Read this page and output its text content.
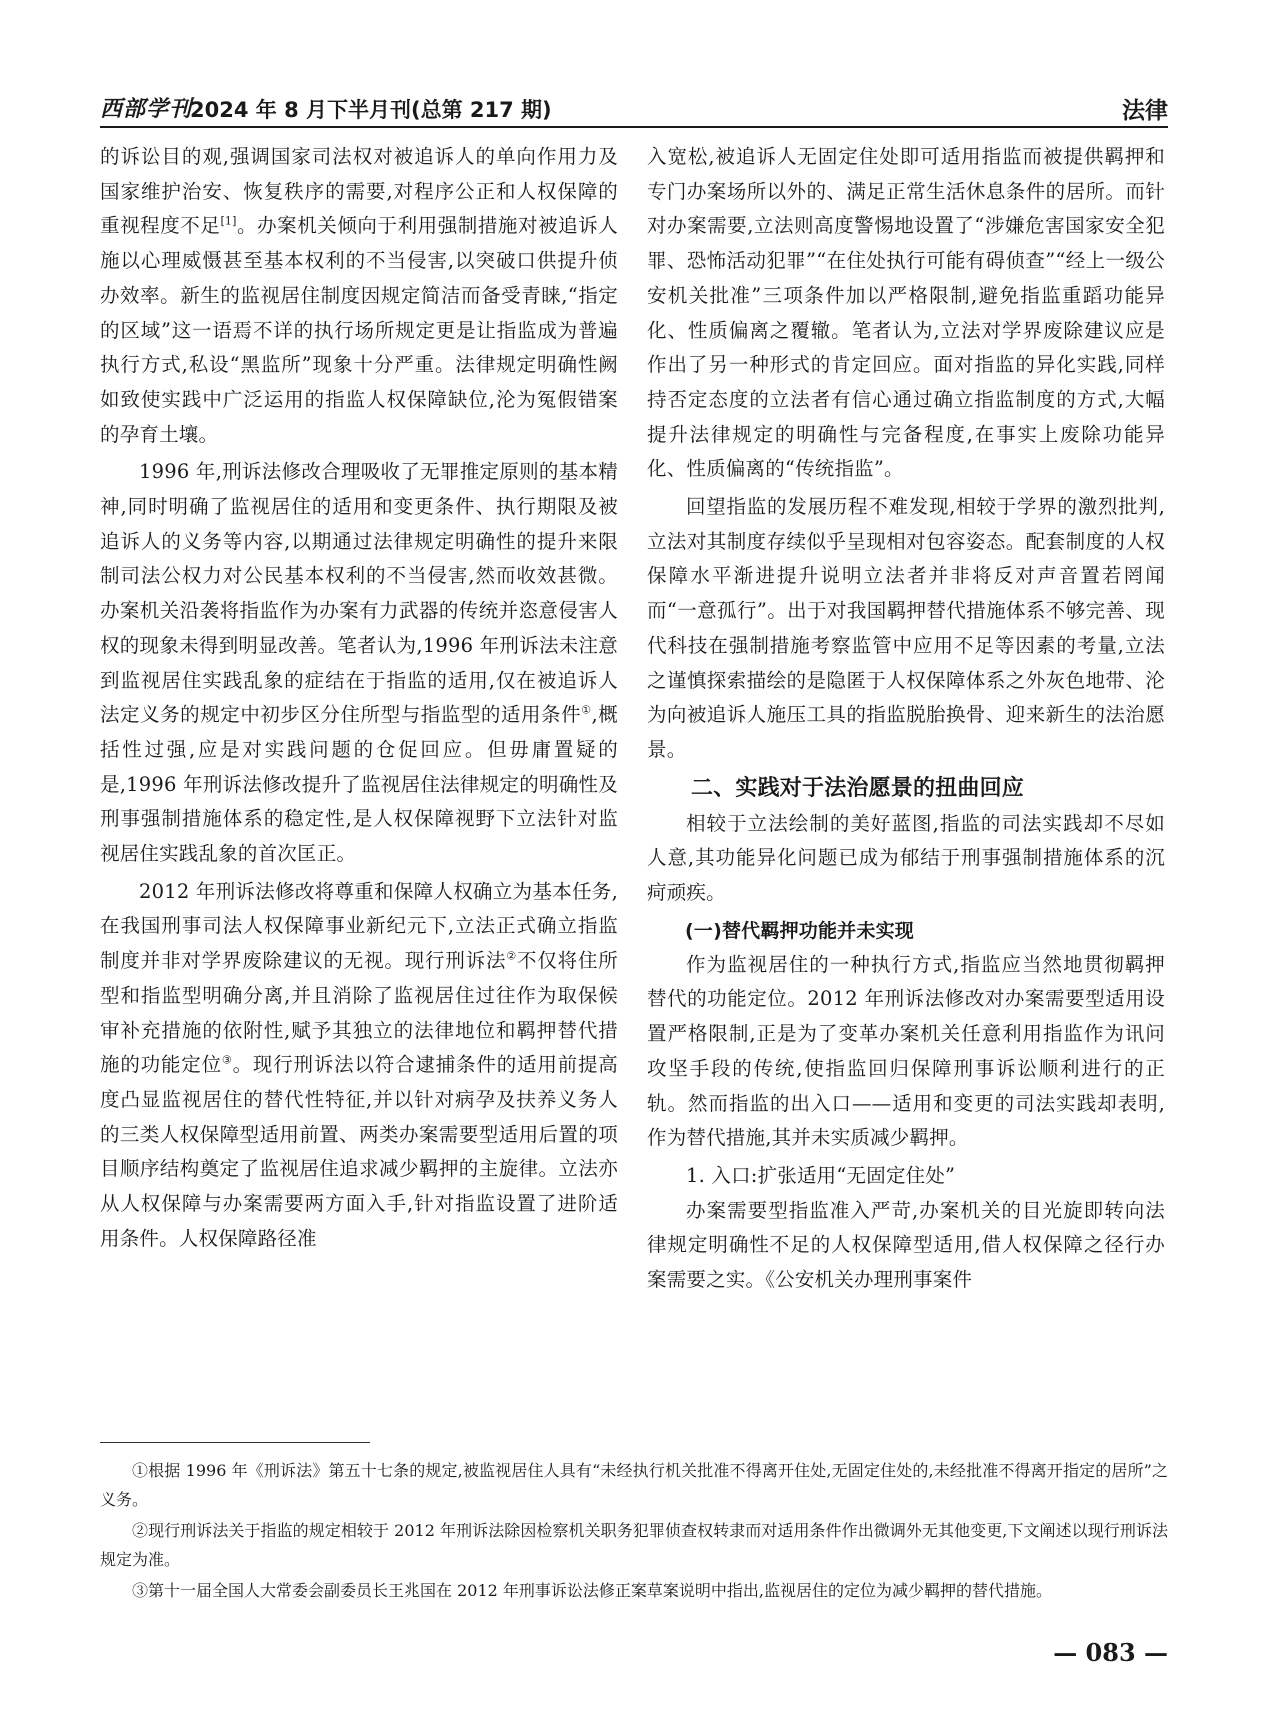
西部学刊
2024 年 8 月下半月刊(总第 217 期)	法律

的诉讼目的观,强调国家司法权对被追诉人的单向作用力及国家维护治安、恢复秩序的需要,对程序公正和人权保障的重视程度不足[1]。办案机关倾向于利用强制措施对被追诉人施以心理威慑甚至基本权利的不当侵害,以突破口供提升侦办效率。新生的监视居住制度因规定简洁而备受青睐,“指定的区域”这一语焉不详的执行场所规定更是让指监成为普遍执行方式,私设“黑监所”现象十分严重。法律规定明确性阙如致使实践中广泛运用的指监人权保障缺位,沦为冤假错案的孕育土壤。

1996 年,刑诉法修改合理吸收了无罪推定原则的基本精神,同时明确了监视居住的适用和变更条件、执行期限及被追诉人的义务等内容,以期通过法律规定明确性的提升来限制司法公权力对公民基本权利的不当侵害,然而收效甚微。办案机关沿袭将指监作为办案有力武器的传统并恣意侵害人权的现象未得到明显改善。笔者认为,1996 年刑诉法未注意到监视居住实践乱象的症结在于指监的适用,仅在被追诉人法定义务的规定中初步区分住所型与指监型的适用条件①,概括性过强,应是对实践问题的仓促回应。但毋庸置疑的是,1996 年刑诉法修改提升了监视居住法律规定的明确性及刑事强制措施体系的稳定性,是人权保障视野下立法针对监视居住实践乱象的首次匡正。

2012 年刑诉法修改将尊重和保障人权确立为基本任务,在我国刑事司法人权保障事业新纪元下,立法正式确立指监制度并非对学界废除建议的无视。现行刑诉法②不仅将住所型和指监型明确分离,并且消除了监视居住过往作为取保候审补充措施的依附性,赋予其独立的法律地位和羁押替代措施的功能定位③。现行刑诉法以符合逮捕条件的适用前提高度凸显监视居住的替代性特征,并以针对病孕及扶养义务人的三类人权保障型适用前置、两类办案需要型适用后置的项目顺序结构奠定了监视居住追求减少羁押的主旋律。立法亦从人权保障与办案需要两方面入手,针对指监设置了进阶适用条件。人权保障路径准

入宽松,被追诉人无固定住处即可适用指监而被提供羁押和专门办案场所以外的、满足正常生活休息条件的居所。而针对办案需要,立法则高度警惕地设置了“涉嫌危害国家安全犯罪、恐怖活动犯罪”“在住处执行可能有碍侦查”“经上一级公安机关批准”三项条件加以严格限制,避免指监重蹈功能异化、性质偏离之覆辙。笔者认为,立法对学界废除建议应是作出了另一种形式的肯定回应。面对指监的异化实践,同样持否定态度的立法者有信心通过确立指监制度的方式,大幅提升法律规定的明确性与完备程度,在事实上废除功能异化、性质偏离的“传统指监”。

回望指监的发展历程不难发现,相较于学界的激烈批判,立法对其制度存续似乎呈现相对包容姿态。配套制度的人权保障水平渐进提升说明立法者并非将反对声音置若罔闻而“一意孤行”。出于对我国羁押替代措施体系不够完善、现代科技在强制措施考察监管中应用不足等因素的考量,立法之谨慎探索描绘的是隐匿于人权保障体系之外灰色地带、沦为向被追诉人施压工具的指监脱胎换骨、迎来新生的法治愿景。

二、实践对于法治愿景的扭曲回应

相较于立法绘制的美好蓝图,指监的司法实践却不尽如人意,其功能异化问题已成为郁结于刑事强制措施体系的沉疴顽疾。

(一)替代羁押功能并未实现

作为监视居住的一种执行方式,指监应当然地贯彻羁押替代的功能定位。2012 年刑诉法修改对办案需要型适用设置严格限制,正是为了变革办案机关任意利用指监作为讯问攻坚手段的传统,使指监回归保障刑事诉讼顺利进行的正轨。然而指监的出入口——适用和变更的司法实践却表明,作为替代措施,其并未实质减少羁押。

1. 入口:扩张适用“无固定住处”

办案需要型指监准入严苛,办案机关的目光旋即转向法律规定明确性不足的人权保障型适用,借人权保障之径行办案需要之实。《公安机关办理刑事案件

①根据 1996 年《刑诉法》第五十七条的规定,被监视居住人具有“未经执行机关批准不得离开住处,无固定住处的,未经批准不得离开指定的居所”之义务。

②现行刑诉法关于指监的规定相较于 2012 年刑诉法除因检察机关职务犯罪侦查权转隶而对适用条件作出微调外无其他变更,下文阐述以现行刑诉法规定为准。

③第十一届全国人大常委会副委员长王兆国在 2012 年刑事诉讼法修正案草案说明中指出,监视居住的定位为减少羁押的替代措施。

— 083 —
